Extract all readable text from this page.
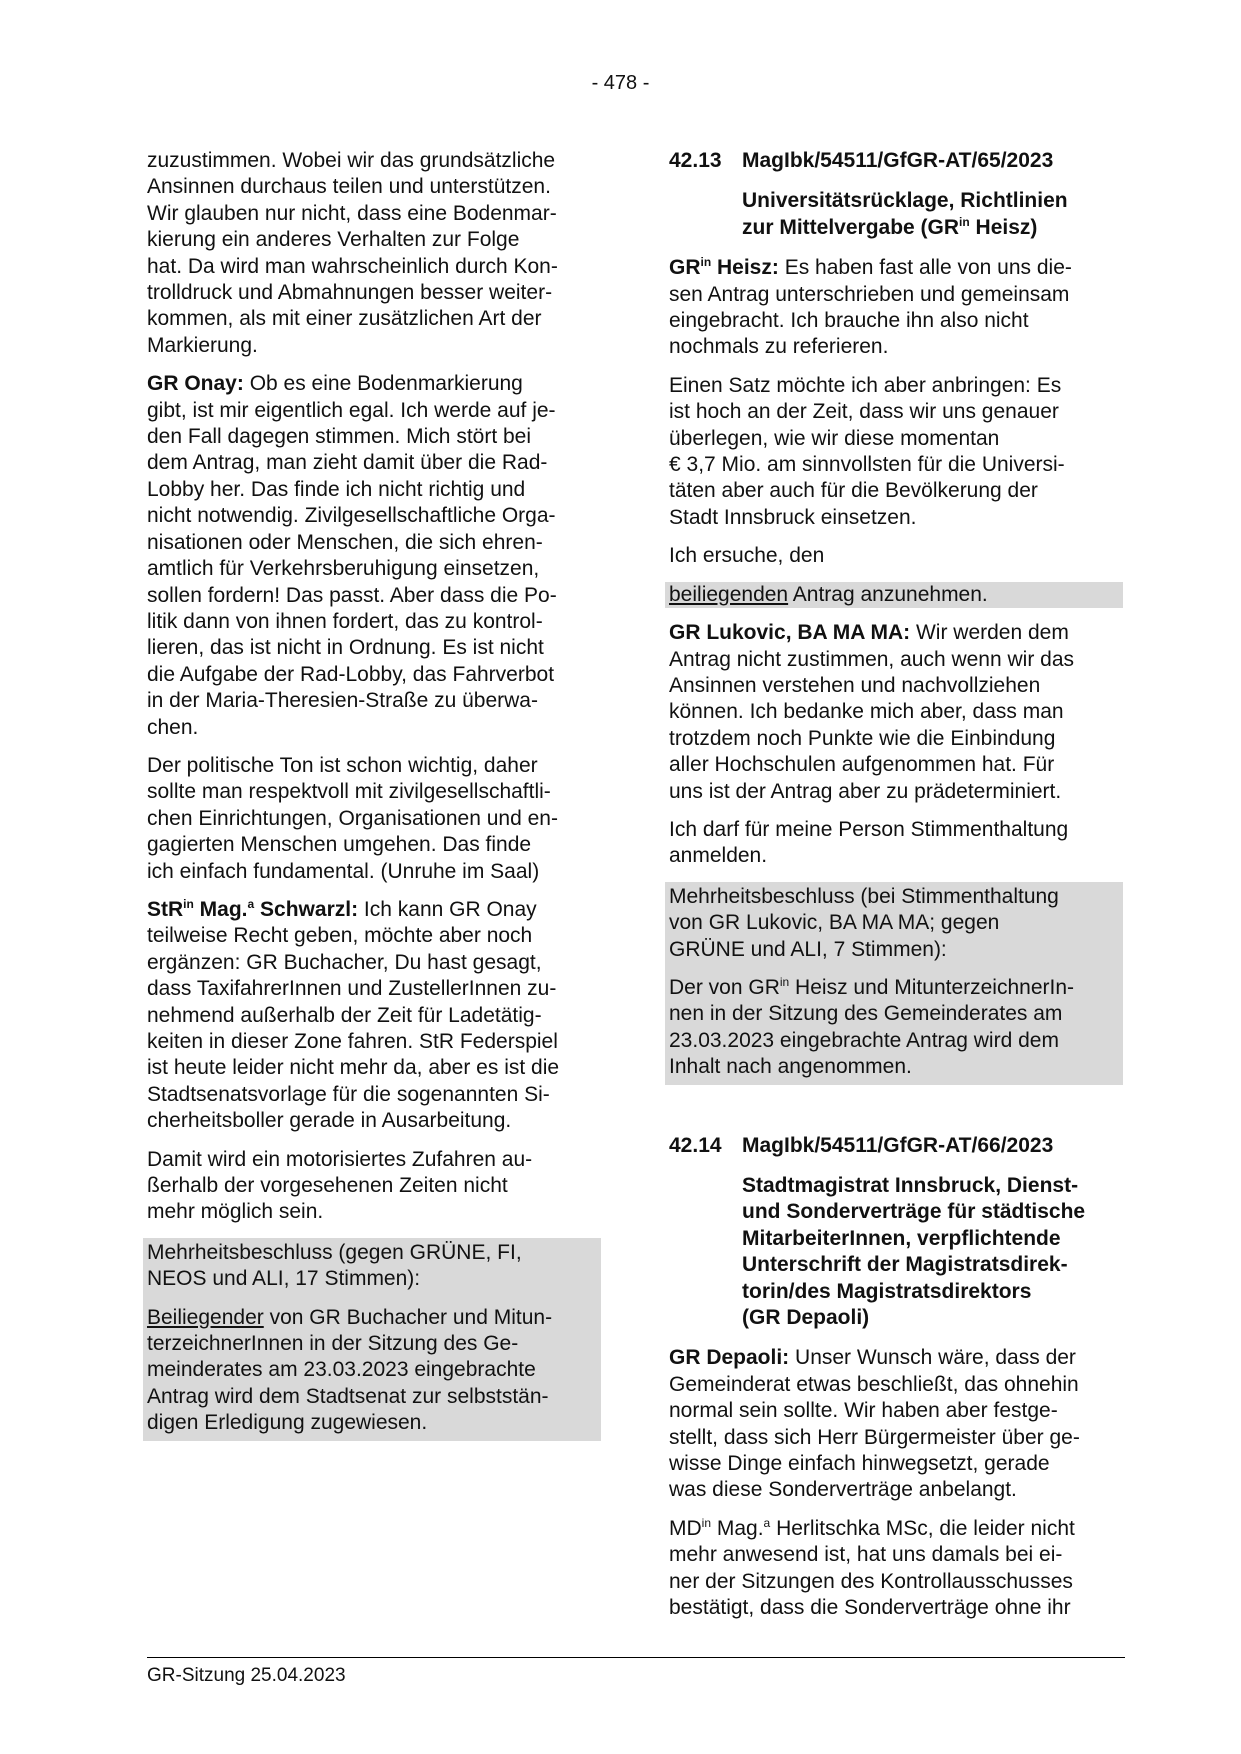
- 478 -

zuzustimmen. Wobei wir das grundsätzliche
Ansinnen durchaus teilen und unterstützen.
Wir glauben nur nicht, dass eine Bodenmar-
kierung ein anderes Verhalten zur Folge
hat. Da wird man wahrscheinlich durch Kon-
trolldruck und Abmahnungen besser weiter-
kommen, als mit einer zusätzlichen Art der
Markierung.

GR Onay: Ob es eine Bodenmarkierung
gibt, ist mir eigentlich egal. Ich werde auf je-
den Fall dagegen stimmen. Mich stört bei
dem Antrag, man zieht damit über die Rad-
Lobby her. Das finde ich nicht richtig und
nicht notwendig. Zivilgesellschaftliche Orga-
nisationen oder Menschen, die sich ehren-
amtlich für Verkehrsberuhigung einsetzen,
sollen fordern! Das passt. Aber dass die Po-
litik dann von ihnen fordert, das zu kontrol-
lieren, das ist nicht in Ordnung. Es ist nicht
die Aufgabe der Rad-Lobby, das Fahrverbot
in der Maria-Theresien-Straße zu überwa-
chen.

Der politische Ton ist schon wichtig, daher
sollte man respektvoll mit zivilgesellschaftli-
chen Einrichtungen, Organisationen und en-
gagierten Menschen umgehen. Das finde
ich einfach fundamental. (Unruhe im Saal)

StR$^{in}$ Mag.$^a$ Schwarzl: Ich kann GR Onay
teilweise Recht geben, möchte aber noch
ergänzen: GR Buchacher, Du hast gesagt,
dass TaxifahrerInnen und ZustellerInnen zu-
nehmend außerhalb der Zeit für Ladetätig-
keiten in dieser Zone fahren. StR Federspiel
ist heute leider nicht mehr da, aber es ist die
Stadtsenatsvorlage für die sogenannten Si-
cherheitsboller gerade in Ausarbeitung.

Damit wird ein motorisiertes Zufahren au-
ßerhalb der vorgesehenen Zeiten nicht
mehr möglich sein.

Mehrheitsbeschluss (gegen GRÜNE, FI,
NEOS und ALI, 17 Stimmen):

Beiliegender von GR Buchacher und Mitun-
terzeichnerInnen in der Sitzung des Ge-
meinderates am 23.03.2023 eingebrachte
Antrag wird dem Stadtsenat zur selbststän-
digen Erledigung zugewiesen.

42.13 MagIbk/54511/GfGR-AT/65/2023
Universitätsrücklage, Richtlinien
zur Mittelvergabe ($GR^{in}$ Heisz)

$GR^{in}$ Heisz: Es haben fast alle von uns die-
sen Antrag unterschrieben und gemeinsam
eingebracht. Ich brauche ihn also nicht
nochmals zu referieren.

Einen Satz möchte ich aber anbringen: Es
ist hoch an der Zeit, dass wir uns genauer
überlegen, wie wir diese momentan
€ 3,7 Mio. am sinnvollsten für die Universi-
täten aber auch für die Bevölkerung der
Stadt Innsbruck einsetzen.

Ich ersuche, den

beiliegenden Antrag anzunehmen.

GR Lukovic, BA MA MA: Wir werden dem
Antrag nicht zustimmen, auch wenn wir das
Ansinnen verstehen und nachvollziehen
können. Ich bedanke mich aber, dass man
trotzdem noch Punkte wie die Einbindung
aller Hochschulen aufgenommen hat. Für
uns ist der Antrag aber zu prädeterminiert.

Ich darf für meine Person Stimmenthaltung
anmelden.

Mehrheitsbeschluss (bei Stimmenthaltung
von GR Lukovic, BA MA MA; gegen
GRÜNE und ALI, 7 Stimmen):

Der von $GR^{in}$ Heisz und MitunterzeichnerIn-
nen in der Sitzung des Gemeinderates am
23.03.2023 eingebrachte Antrag wird dem
Inhalt nach angenommen.

42.14 MagIbk/54511/GfGR-AT/66/2023
Stadtmagistrat Innsbruck, Dienst-
und Sonderverträge für städtische
MitarbeiterInnen, verpflichtende
Unterschrift der Magistratsdirek-
torin/des Magistratsdirektors
(GR Depaoli)

GR Depaoli: Unser Wunsch wäre, dass der
Gemeinderat etwas beschließt, das ohnehin
normal sein sollte. Wir haben aber festge-
stellt, dass sich Herr Bürgermeister über ge-
wisse Dinge einfach hinwegsetzt, gerade
was diese Sonderverträge anbelangt.

$MD^{in}$ Mag.$^a$ Herlitschka MSc, die leider nicht
mehr anwesend ist, hat uns damals bei ei-
ner der Sitzungen des Kontrollausschusses
bestätigt, dass die Sonderverträge ohne ihr

GR-Sitzung 25.04.2023
